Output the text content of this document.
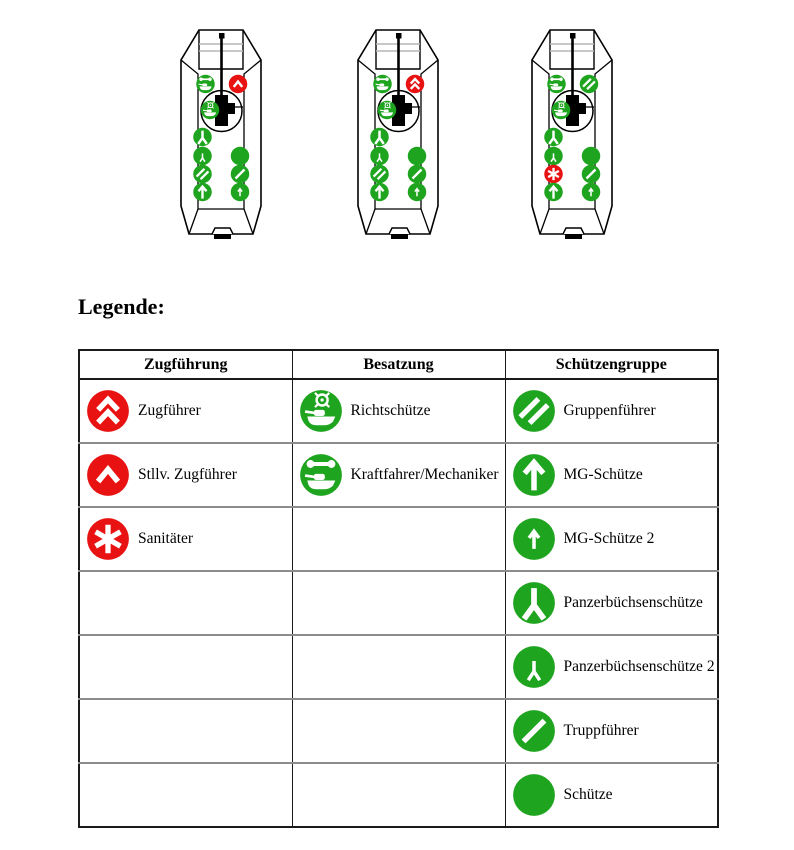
Legende:
Zugführung	Besatzung	Schützengruppe

Zugführer	Richtschütze	Gruppenführer

Stllv. Zugführer	Kraftfahrer/Mechaniker	MG-Schütze

Sanitäter		MG-Schütze 2

		Panzerbüchsenschütze

		Panzerbüchsenschütze 2

		Truppführer

		Schütze
